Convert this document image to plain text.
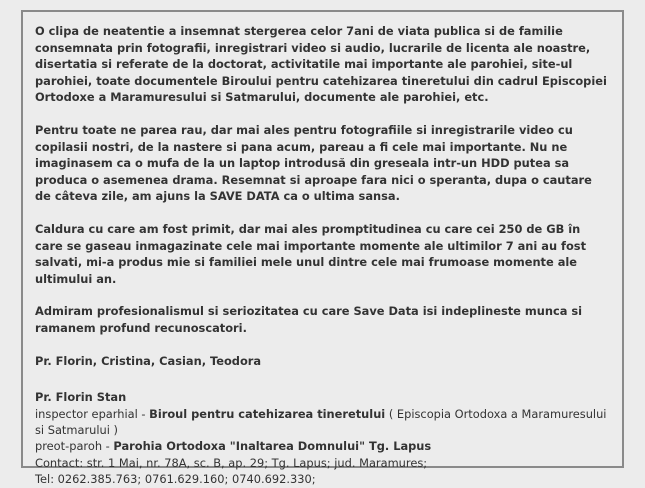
O clipa de neatentie a insemnat stergerea celor 7ani de viata publica si de familie consemnata prin fotografii, inregistrari video si audio, lucrarile de licenta ale noastre, disertatia si referate de la doctorat, activitatile mai importante ale parohiei, site-ul parohiei, toate documentele Biroului pentru catehizarea tineretului din cadrul Episcopiei Ortodoxe a Maramuresului si Satmarului, documente ale parohiei, etc.

Pentru toate ne parea rau, dar mai ales pentru fotografiile si inregistrarile video cu copilasii nostri, de la nastere si pana acum, pareau a fi cele mai importante. Nu ne imaginasem ca o mufa de la un laptop introdusă din greseala intr-un HDD putea sa produca o asemenea drama. Resemnat si aproape fara nici o speranta, dupa o cautare de câteva zile, am ajuns la SAVE DATA ca o ultima sansa.

Caldura cu care am fost primit, dar mai ales promptitudinea cu care cei 250 de GB în care se gaseau inmagazinate cele mai importante momente ale ultimilor 7 ani au fost salvati, mi-a produs mie si familiei mele unul dintre cele mai frumoase momente ale ultimului an.

Admiram profesionalismul si seriozitatea cu care Save Data isi indeplineste munca si ramanem profund recunoscatori.

Pr. Florin, Cristina, Casian, Teodora

Pr. Florin Stan
inspector eparhial - Biroul pentru catehizarea tineretului ( Episcopia Ortodoxa a Maramuresului si Satmarului )
preot-paroh - Parohia Ortodoxa "Inaltarea Domnului" Tg. Lapus
Contact: str. 1 Mai, nr. 78A, sc. B, ap. 29; Tg. Lapus; jud. Maramures;
Tel: 0262.385.763; 0761.629.160; 0740.692.330;
